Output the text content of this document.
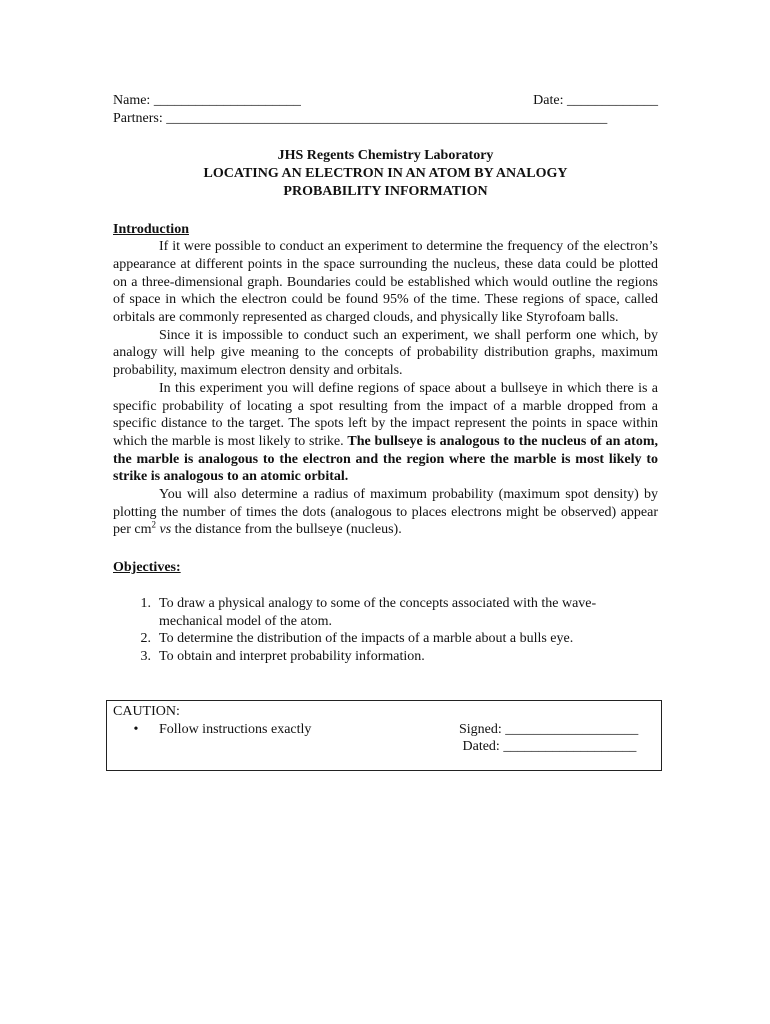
Name: _____________________	Date: _____________
Partners: _______________________________________________________________
JHS Regents Chemistry Laboratory
LOCATING AN ELECTRON IN AN ATOM BY ANALOGY
PROBABILITY INFORMATION
Introduction

If it were possible to conduct an experiment to determine the frequency of the electron’s appearance at different points in the space surrounding the nucleus, these data could be plotted on a three-dimensional graph. Boundaries could be established which would outline the regions of space in which the electron could be found 95% of the time. These regions of space, called orbitals are commonly represented as charged clouds, and physically like Styrofoam balls.

Since it is impossible to conduct such an experiment, we shall perform one which, by analogy will help give meaning to the concepts of probability distribution graphs, maximum probability, maximum electron density and orbitals.

In this experiment you will define regions of space about a bullseye in which there is a specific probability of locating a spot resulting from the impact of a marble dropped from a specific distance to the target. The spots left by the impact represent the points in space within which the marble is most likely to strike. The bullseye is analogous to the nucleus of an atom, the marble is analogous to the electron and the region where the marble is most likely to strike is analogous to an atomic orbital.

You will also determine a radius of maximum probability (maximum spot density) by plotting the number of times the dots (analogous to places electrons might be observed) appear per $cm^2$ vs the distance from the bullseye (nucleus).

Objectives:
1. To draw a physical analogy to some of the concepts associated with the wave-mechanical model of the atom.
2. To determine the distribution of the impacts of a marble about a bulls eye.
3. To obtain and interpret probability information.
CAUTION:
•	Follow instructions exactly	Signed: ___________________
Dated: ___________________
